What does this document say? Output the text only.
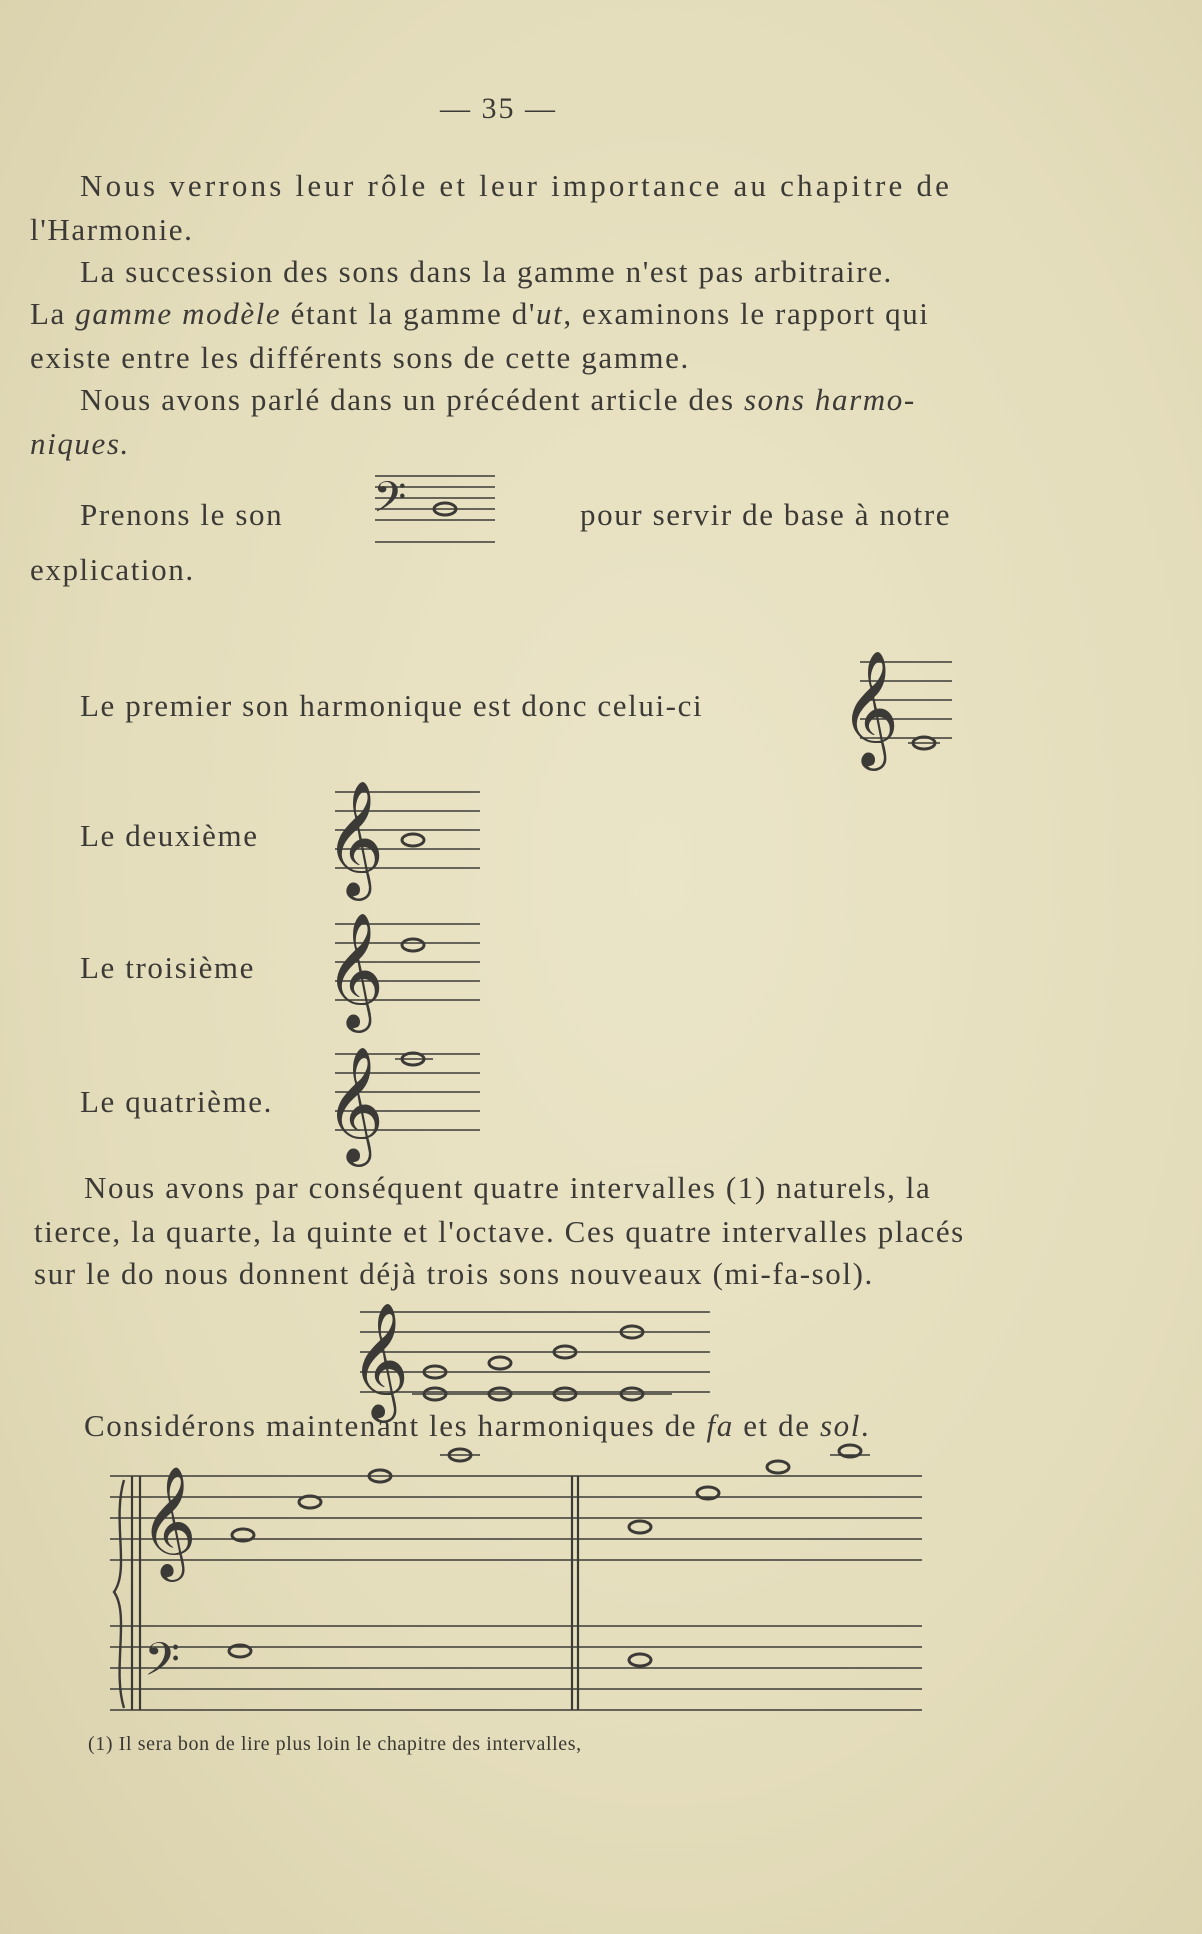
— 35 —
Nous verrons leur rôle et leur importance au chapitre de
l'Harmonie.
La succession des sons dans la gamme n'est pas arbitraire.
La gamme modèle étant la gamme d'ut, examinons le rapport qui
existe entre les différents sons de cette gamme.
Nous avons parlé dans un précédent article des sons harmo-
niques.
Prenons le son	pour servir de base à notre
explication.
𝄢
Le premier son harmonique est donc celui-ci 𝄞
Le deuxième 𝄞
Le troisième 𝄞
Le quatrième. 𝄞
Nous avons par conséquent quatre intervalles (1) naturels, la
tierce, la quarte, la quinte et l'octave. Ces quatre intervalles placés
sur le do nous donnent déjà trois sons nouveaux (mi-fa-sol).
𝄞
Considérons maintenant les harmoniques de fa et de sol.
𝄞
𝄢
(1) Il sera bon de lire plus loin le chapitre des intervalles,
